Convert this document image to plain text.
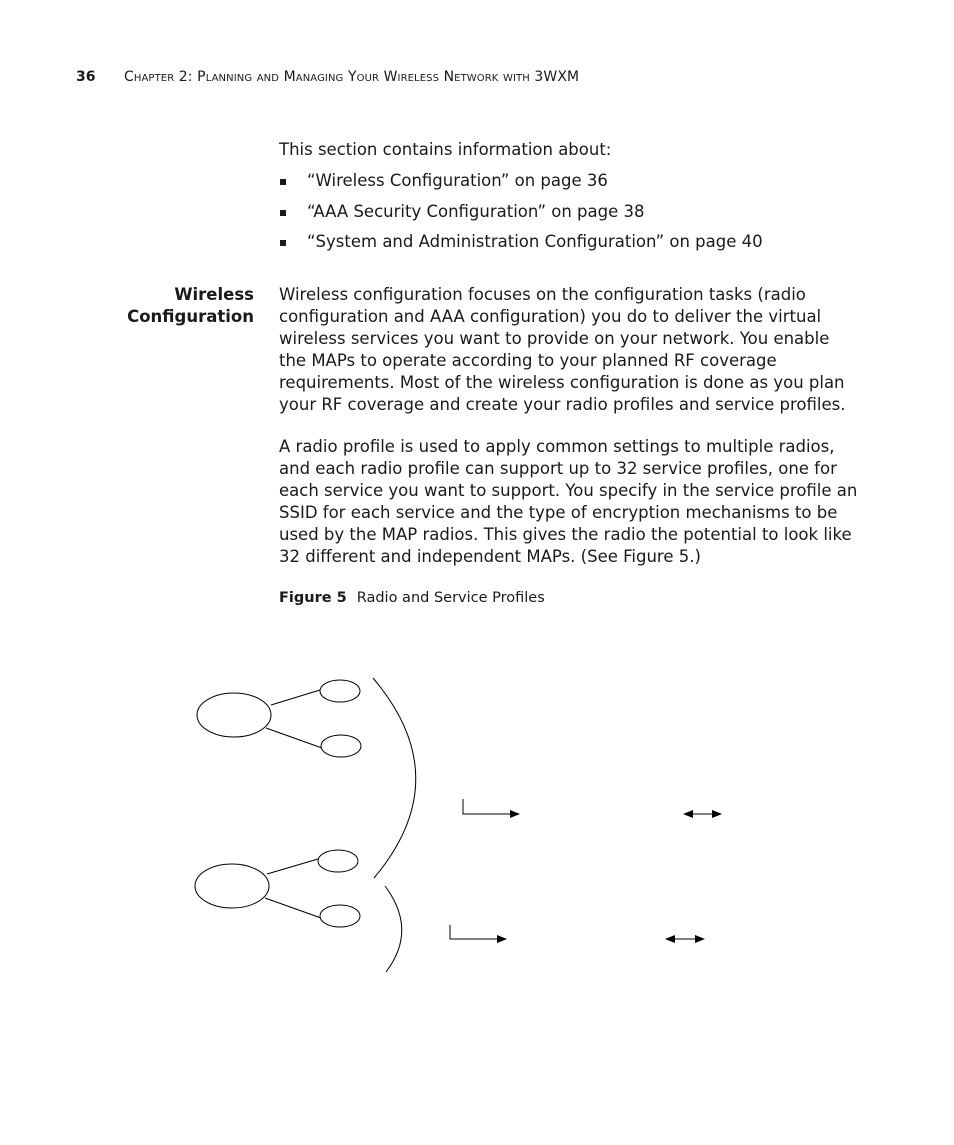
36 Chapter 2: Planning and Managing Your Wireless Network with 3WXM
This section contains information about:
“Wireless Configuration” on page 36
“AAA Security Configuration” on page 38
“System and Administration Configuration” on page 40
Wireless
Configuration
Wireless configuration focuses on the configuration tasks (radio configuration and AAA configuration) you do to deliver the virtual wireless services you want to provide on your network. You enable the MAPs to operate according to your planned RF coverage requirements. Most of the wireless configuration is done as you plan your RF coverage and create your radio profiles and service profiles.
A radio profile is used to apply common settings to multiple radios, and each radio profile can support up to 32 service profiles, one for each service you want to support. You specify in the service profile an SSID for each service and the type of encryption mechanisms to be used by the MAP radios. This gives the radio the potential to look like 32 different and independent MAPs. (See Figure 5.)
Figure 5 Radio and Service Profiles
